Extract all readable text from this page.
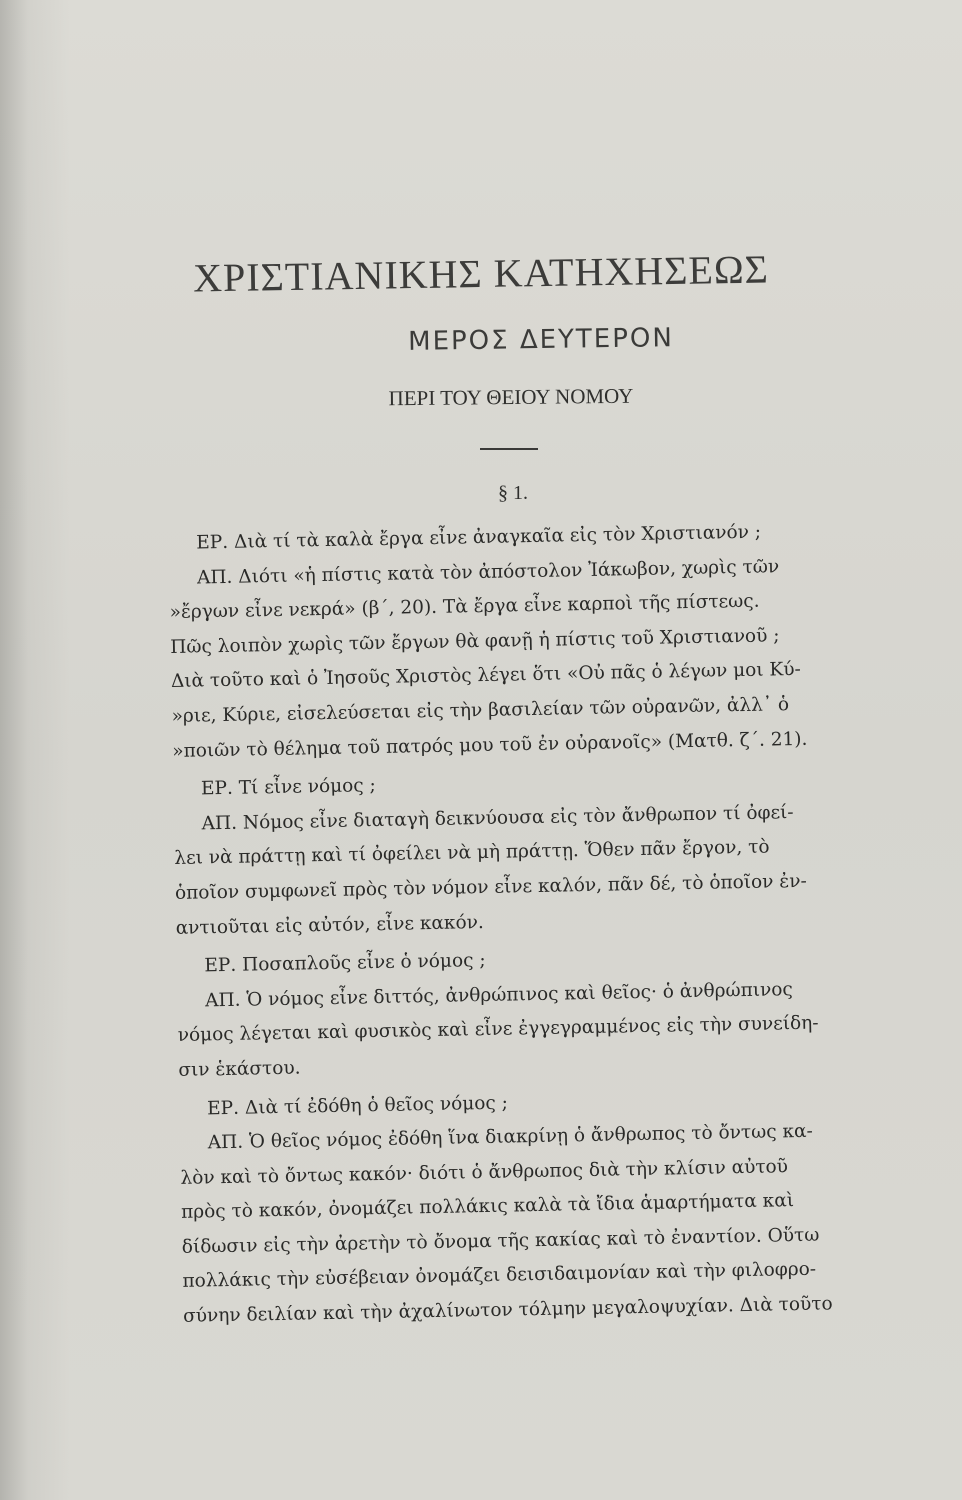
ΧΡΙΣΤΙΑΝΙΚΗΣ ΚΑΤΗΧΗΣΕΩΣ
ΜΕΡΟΣ ΔΕΥΤΕΡΟΝ
ΠΕΡΙ ΤΟΥ ΘΕΙΟΥ ΝΟΜΟΥ
§ 1.
ΕΡ. Διὰ τί τὰ καλὰ ἔργα εἶνε ἀναγκαῖα εἰς τὸν Χριστιανόν ;
ΑΠ. Διότι «ἡ πίστις κατὰ τὸν ἀπόστολον Ἰάκωβον, χωρὶς τῶν
»ἔργων εἶνε νεκρά» (β΄, 20). Τὰ ἔργα εἶνε καρποὶ τῆς πίστεως.
Πῶς λοιπὸν χωρὶς τῶν ἔργων θὰ φανῇ ἡ πίστις τοῦ Χριστιανοῦ ;
Διὰ τοῦτο καὶ ὁ Ἰησοῦς Χριστὸς λέγει ὅτι «Οὐ πᾶς ὁ λέγων μοι Κύ-
»ριε, Κύριε, εἰσελεύσεται εἰς τὴν βασιλείαν τῶν οὐρανῶν, ἀλλ᾽ ὁ
»ποιῶν τὸ θέλημα τοῦ πατρός μου τοῦ ἐν οὐρανοῖς» (Ματθ. ζ΄. 21).
ΕΡ. Τί εἶνε νόμος ;
ΑΠ. Νόμος εἶνε διαταγὴ δεικνύουσα εἰς τὸν ἄνθρωπον τί ὀφεί-
λει νὰ πράττῃ καὶ τί ὀφείλει νὰ μὴ πράττῃ. Ὅθεν πᾶν ἔργον, τὸ
ὁποῖον συμφωνεῖ πρὸς τὸν νόμον εἶνε καλόν, πᾶν δέ, τὸ ὁποῖον ἐν-
αντιοῦται εἰς αὐτόν, εἶνε κακόν.
ΕΡ. Ποσαπλοῦς εἶνε ὁ νόμος ;
ΑΠ. Ὁ νόμος εἶνε διττός, ἀνθρώπινος καὶ θεῖος· ὁ ἀνθρώπινος
νόμος λέγεται καὶ φυσικὸς καὶ εἶνε ἐγγεγραμμένος εἰς τὴν συνείδη-
σιν ἑκάστου.
ΕΡ. Διὰ τί ἐδόθη ὁ θεῖος νόμος ;
ΑΠ. Ὁ θεῖος νόμος ἐδόθη ἵνα διακρίνῃ ὁ ἄνθρωπος τὸ ὄντως κα-
λὸν καὶ τὸ ὄντως κακόν· διότι ὁ ἄνθρωπος διὰ τὴν κλίσιν αὐτοῦ
πρὸς τὸ κακόν, ὀνομάζει πολλάκις καλὰ τὰ ἴδια ἁμαρτήματα καὶ
δίδωσιν εἰς τὴν ἀρετὴν τὸ ὄνομα τῆς κακίας καὶ τὸ ἐναντίον. Οὕτω
πολλάκις τὴν εὐσέβειαν ὀνομάζει δεισιδαιμονίαν καὶ τὴν φιλοφρο-
σύνην δειλίαν καὶ τὴν ἀχαλίνωτον τόλμην μεγαλοψυχίαν. Διὰ τοῦτο
